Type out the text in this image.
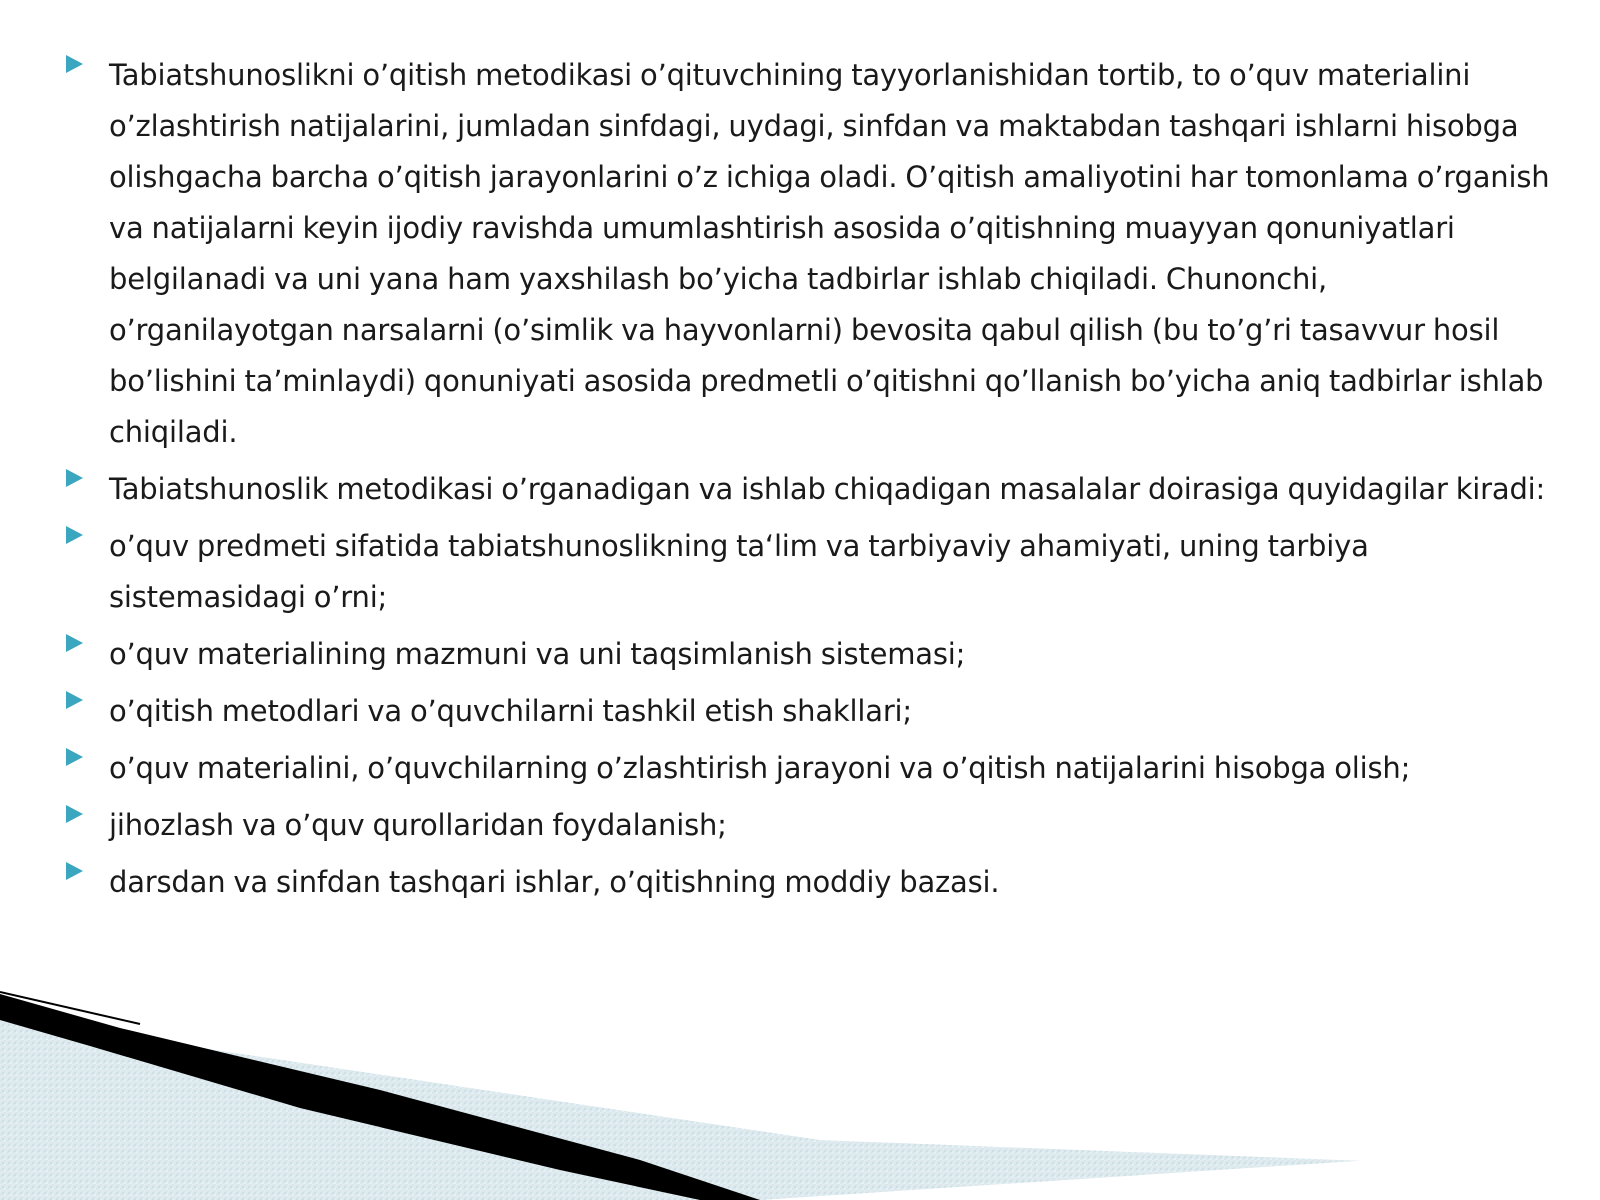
Tabiatshunoslikni o’qitish metodikasi o’qituvchining tayyorlanishidan tortib, to o’quv materialini o’zlashtirish natijalarini, jumladan sinfdagi, uydagi, sinfdan va maktabdan tashqari ishlarni hisobga olishgacha barcha o’qitish jarayonlarini o’z ichiga oladi. O’qitish amaliyotini har tomonlama o’rganish va natijalarni keyin ijodiy ravishda umumlashtirish asosida o’qitishning muayyan qonuniyatlari belgilanadi va uni yana ham yaxshilash bo’yicha tadbirlar ishlab chiqiladi. Chunonchi, o’rganilayotgan narsalarni (o’simlik va hayvonlarni) bevosita qabul qilish (bu to’g’ri tasavvur hosil bo’lishini ta’minlaydi) qonuniyati asosida predmetli o’qitishni qo’llanish bo’yicha aniq tadbirlar ishlab chiqiladi.
Tabiatshunoslik metodikasi o’rganadigan va ishlab chiqadigan masalalar doirasiga quyidagilar kiradi:
o’quv predmeti sifatida tabiatshunoslikning ta‘lim va tarbiyaviy ahamiyati, uning tarbiya sistemasidagi o’rni;
o’quv materialining mazmuni va uni taqsimlanish sistemasi;
o’qitish metodlari va o’quvchilarni tashkil etish shakllari;
o’quv materialini, o’quvchilarning o’zlashtirish jarayoni va o’qitish natijalarini hisobga olish;
jihozlash va o’quv qurollaridan foydalanish;
darsdan va sinfdan tashqari ishlar, o’qitishning moddiy bazasi.
